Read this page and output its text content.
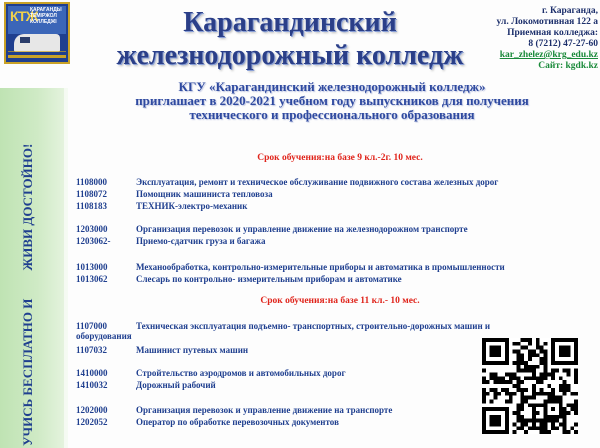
КТЖ
ҚАРАҒАНДЫ ТЕМІРЖОЛ КОЛЛЕДЖІ	Карагандинский
железнодорожный колледж
г. Караганда,
ул. Локомотивная 122 а
Приемная колледжа:
8 (7212) 47-27-60
kar_zhelez@krg_edu.kz
Сайт: kgdk.kz
КГУ «Карагандинский железнодорожный колледж»
приглашает в 2020-2021 учебном году выпускников для получения
технического и профессионального образования
УЧИСЬ БЕСПЛАТНО И
ЖИВИ ДОСТОЙНО!	Срок обучения:на базе 9 кл.-2г. 10 мес.
1108000	Эксплуатация, ремонт и техническое обслуживание подвижного состава железных дорог
1108072	Помощник машиниста тепловоза
1108183	ТЕХНИК-электро-механик
1203000	Организация перевозок и управление движение на железнодорожном транспорте
1203062-	Приемо-сдатчик груза и багажа
1013000	Механообработка, контрольно-измерительные приборы и автоматика в промышленности
1013062	Слесарь по контрольно- измерительным приборам и автоматике
Срок обучения:на базе 11 кл.- 10 мес.
1107000	Техническая эксплуатация подъемно- транспортных, строительно-дорожных машин и оборудования
1107032	Машинист путевых машин
1410000	Стройтельство аэродромов и автомобильных дорог
1410032	Дорожный рабочий
1202000	Организация перевозок и управление движение на транспорте
1202052	Оператор по обработке перевозочных документов
